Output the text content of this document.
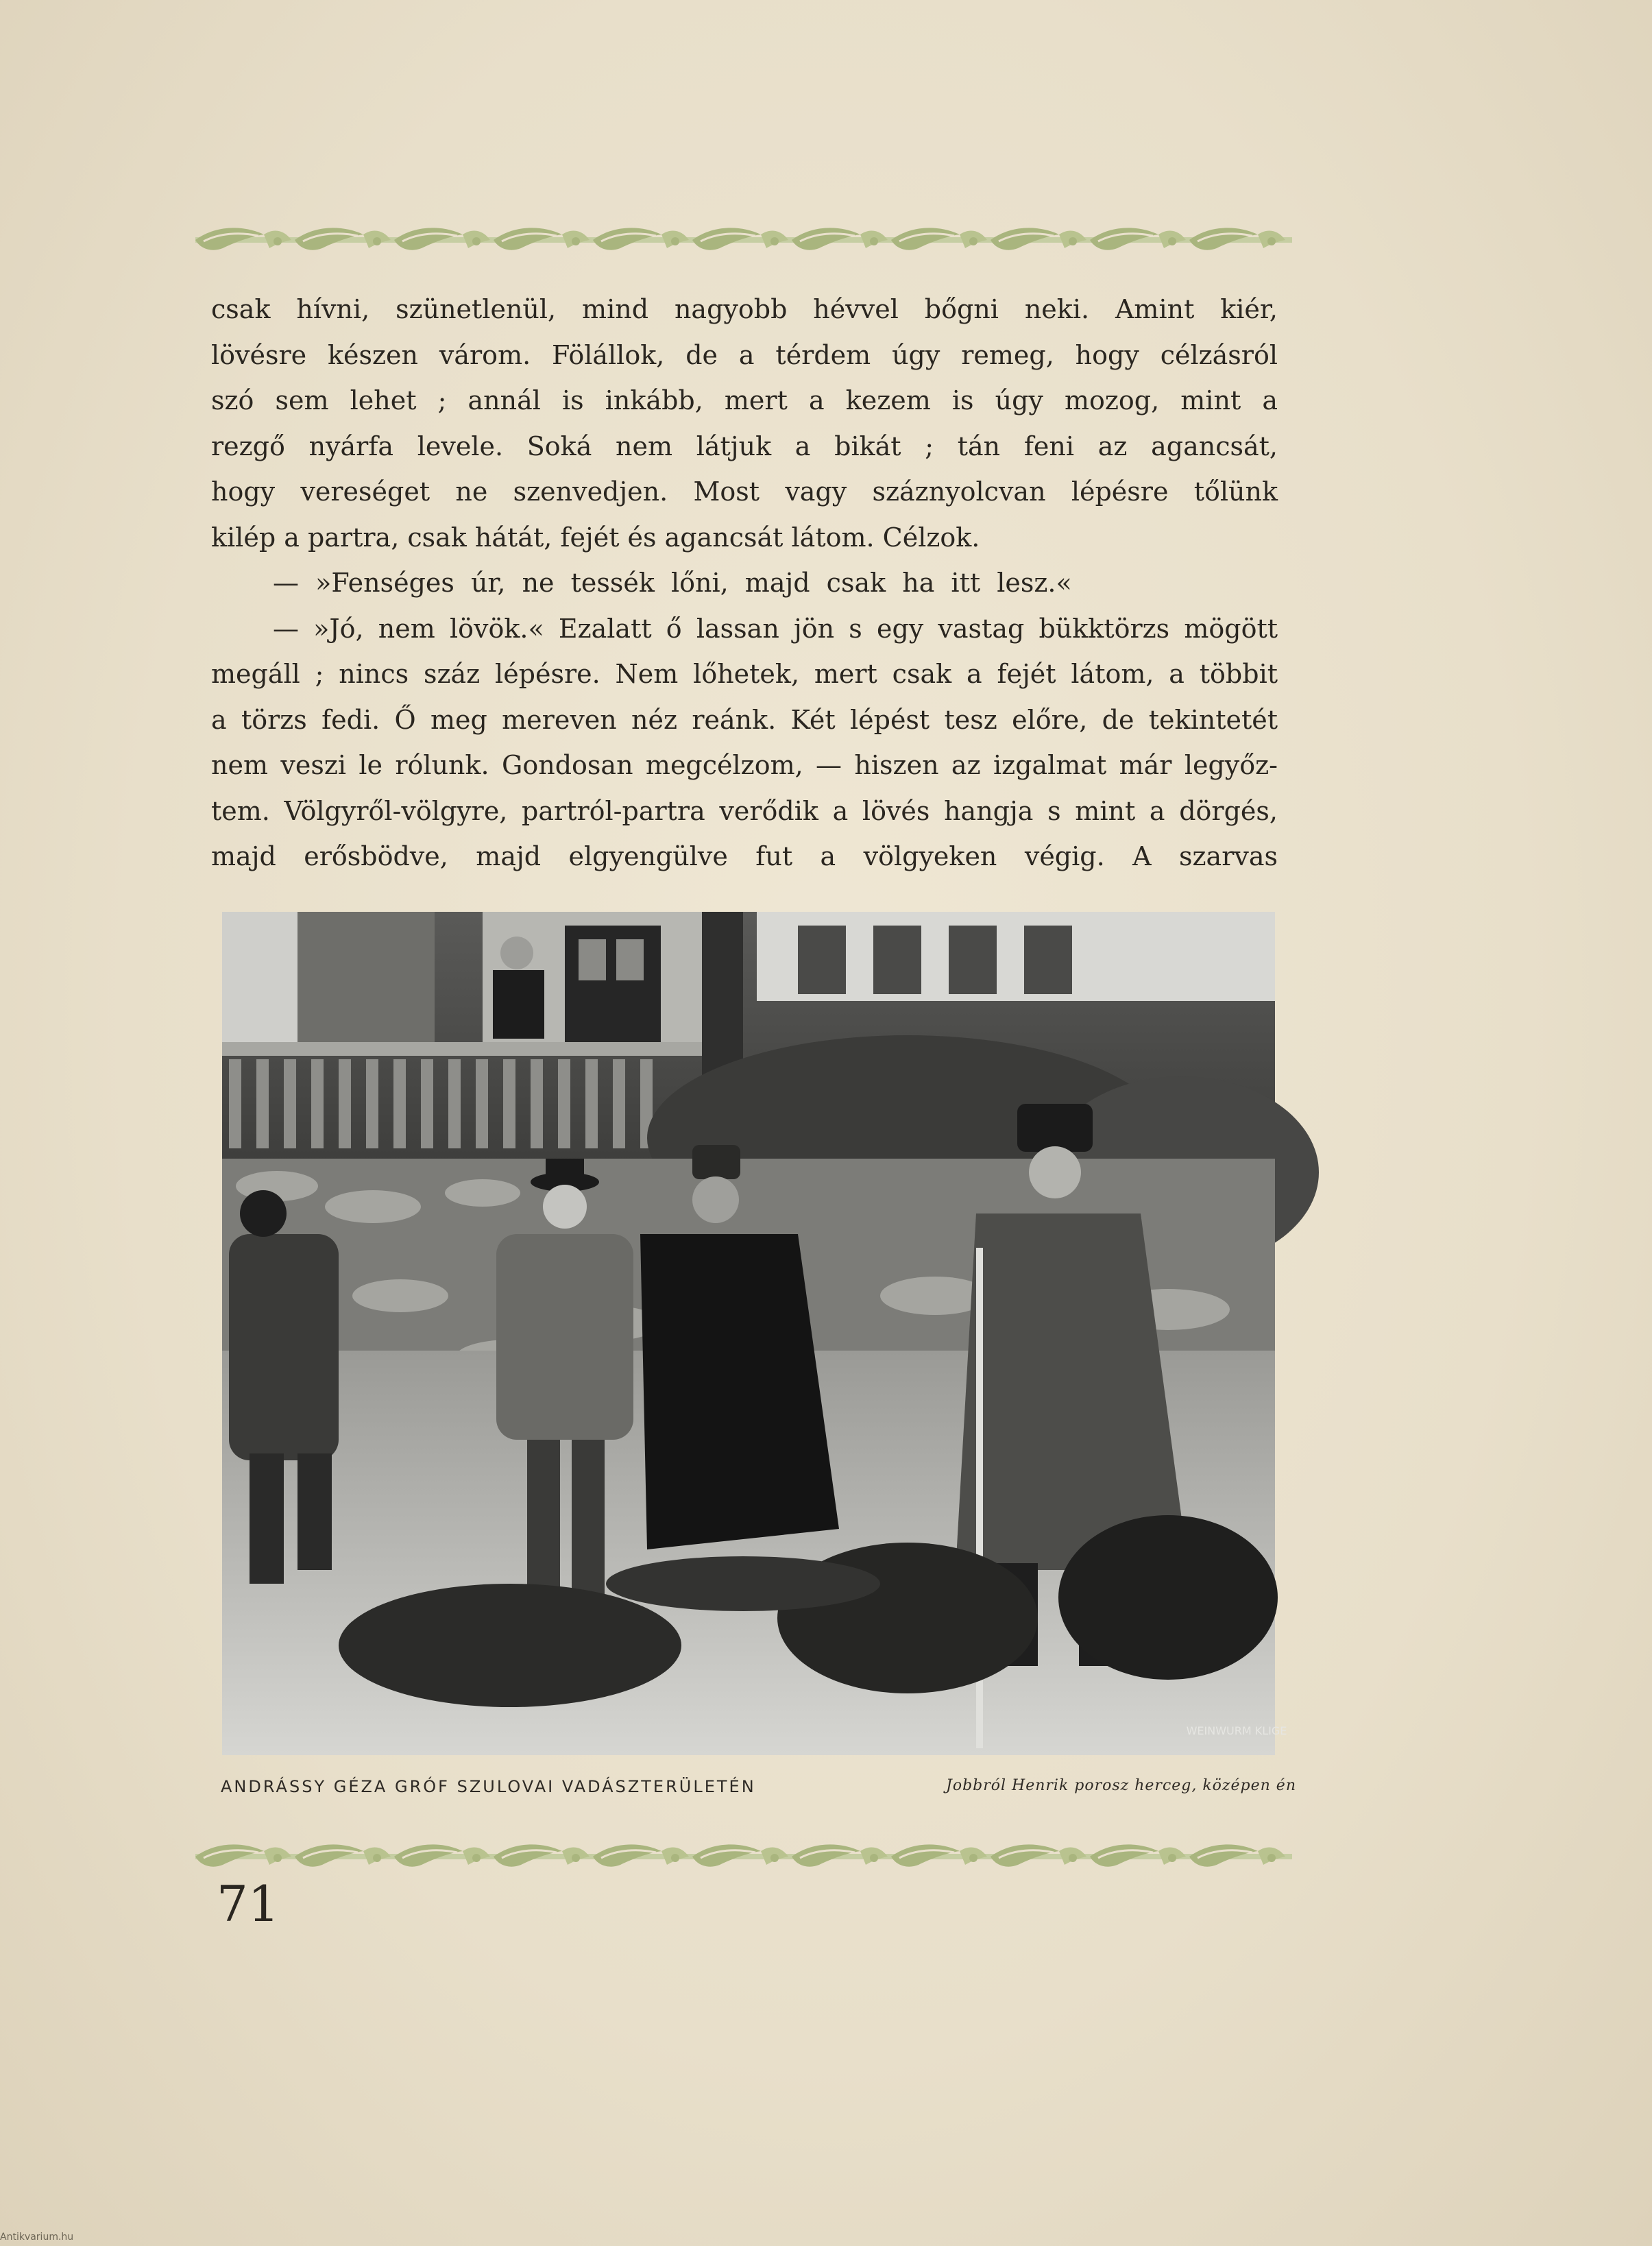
csak hívni, szünetlenül, mind nagyobb hévvel bőgni neki. Amint kiér,
lövésre készen várom. Fölállok, de a térdem úgy remeg, hogy célzásról
szó sem lehet ; annál is inkább, mert a kezem is úgy mozog, mint a
rezgő nyárfa levele. Soká nem látjuk a bikát ; tán feni az agancsát,
hogy vereséget ne szenvedjen. Most vagy száznyolcvan lépésre tőlünk
kilép a partra, csak hátát, fejét és agancsát látom. Célzok.
— »Fenséges úr, ne tessék lőni, majd csak ha itt lesz.«
— »Jó, nem lövök.« Ezalatt ő lassan jön s egy vastag bükktörzs mögött
megáll ; nincs száz lépésre. Nem lőhetek, mert csak a fejét látom, a többit
a törzs fedi. Ő meg mereven néz reánk. Két lépést tesz előre, de tekintetét
nem veszi le rólunk. Gondosan megcélzom, — hiszen az izgalmat már legyőz-
tem. Völgyről-völgyre, partról-partra verődik a lövés hangja s mint a dörgés,
majd erősbödve, majd elgyengülve fut a völgyeken végig. A szarvas
WEINWURM KLIGE
ANDRÁSSY GÉZA GRÓF SZULOVAI VADÁSZTERÜLETÉN	Jobbról Henrik porosz herceg, középen én
71
Antikvarium.hu
